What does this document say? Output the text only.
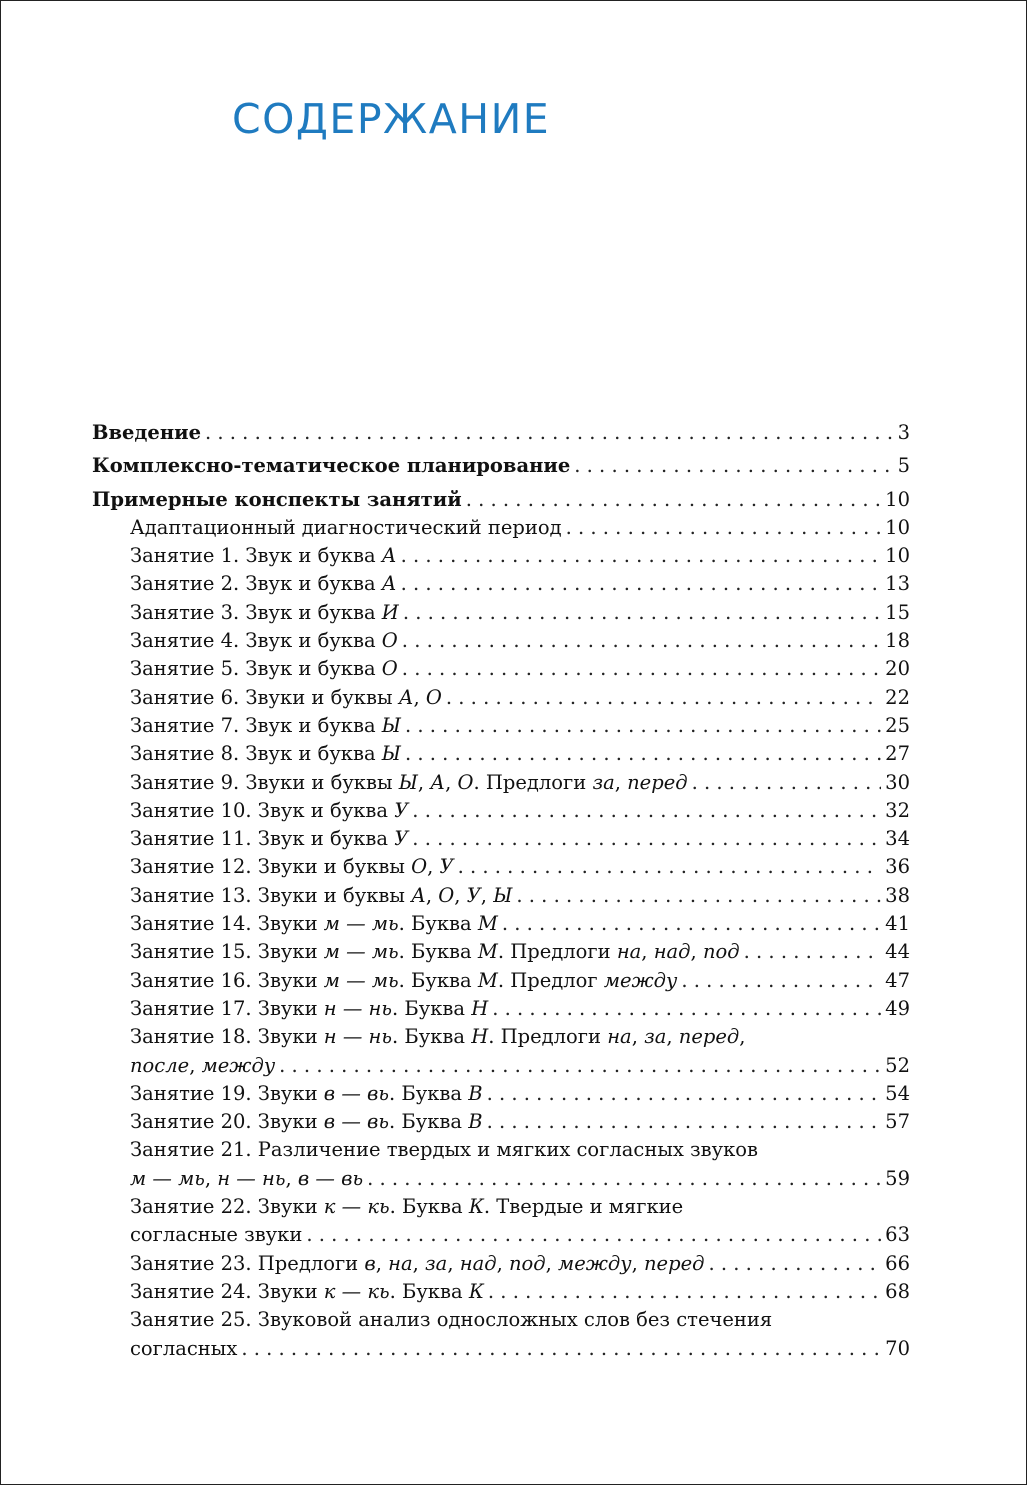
СОДЕРЖАНИЕ
Введение . . .	3
Комплексно-тематическое планирование . . .	5
Примерные конспекты занятий . . .	10
Адаптационный диагностический период . . .	10
Занятие 1. Звук и буква А . . .	10
Занятие 2. Звук и буква А . . .	13
Занятие 3. Звук и буква И . . .	15
Занятие 4. Звук и буква О . . .	18
Занятие 5. Звук и буква О . . .	20
Занятие 6. Звуки и буквы А, О . . .	22
Занятие 7. Звук и буква Ы . . .	25
Занятие 8. Звук и буква Ы . . .	27
Занятие 9. Звуки и буквы Ы, А, О. Предлоги за, перед . . .	30
Занятие 10. Звук и буква У . . .	32
Занятие 11. Звук и буква У . . .	34
Занятие 12. Звуки и буквы О, У . . .	36
Занятие 13. Звуки и буквы А, О, У, Ы . . .	38
Занятие 14. Звуки м — мь. Буква М . . .	41
Занятие 15. Звуки м — мь. Буква М. Предлоги на, над, под . . .	44
Занятие 16. Звуки м — мь. Буква М. Предлог между . . .	47
Занятие 17. Звуки н — нь. Буква Н . . .	49
Занятие 18. Звуки н — нь. Буква Н. Предлоги на, за, перед,
после, между . . .	52
Занятие 19. Звуки в — вь. Буква В . . .	54
Занятие 20. Звуки в — вь. Буква В . . .	57
Занятие 21. Различение твердых и мягких согласных звуков
м — мь, н — нь, в — вь . . .	59
Занятие 22. Звуки к — кь. Буква К. Твердые и мягкие
согласные звуки . . .	63
Занятие 23. Предлоги в, на, за, над, под, между, перед . . .	66
Занятие 24. Звуки к — кь. Буква К . . .	68
Занятие 25. Звуковой анализ односложных слов без стечения
согласных . . .	70
